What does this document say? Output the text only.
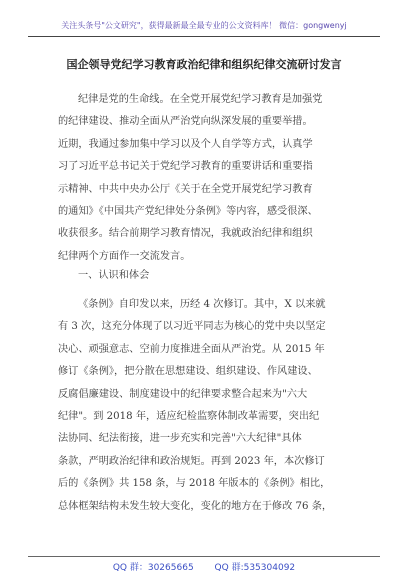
关注头条号"公文研究"，获得最新最全最专业的公文资料库！ 微信：gongwenyj
国企领导党纪学习教育政治纪律和组织纪律交流研讨发言
纪律是党的生命线。在全党开展党纪学习教育是加强党
的纪律建设、推动全面从严治党向纵深发展的重要举措。
近期，我通过参加集中学习以及个人自学等方式，认真学
习了习近平总书记关于党纪学习教育的重要讲话和重要指
示精神、中共中央办公厅《关于在全党开展党纪学习教育
的通知》《中国共产党纪律处分条例》等内容，感受很深、
收获很多。结合前期学习教育情况，我就政治纪律和组织
纪律两个方面作一交流发言。
一、认识和体会
《条例》自印发以来，历经 4 次修订。其中，X 以来就
有 3 次，这充分体现了以习近平同志为核心的党中央以坚定
决心、顽强意志、空前力度推进全面从严治党。从 2015 年
修订《条例》，把分散在思想建设、组织建设、作风建设、
反腐倡廉建设、制度建设中的纪律要求整合起来为"六大
纪律"。到 2018 年，适应纪检监察体制改革需要，突出纪
法协同、纪法衔接，进一步充实和完善"六大纪律"具体
条款，严明政治纪律和政治规矩。再到 2023 年，本次修订
后的《条例》共 158 条，与 2018 年版本的《条例》相比，
总体框架结构未发生较大变化，变化的地方在于修改 76 条，
QQ 群：30265665 QQ 群:535304092
